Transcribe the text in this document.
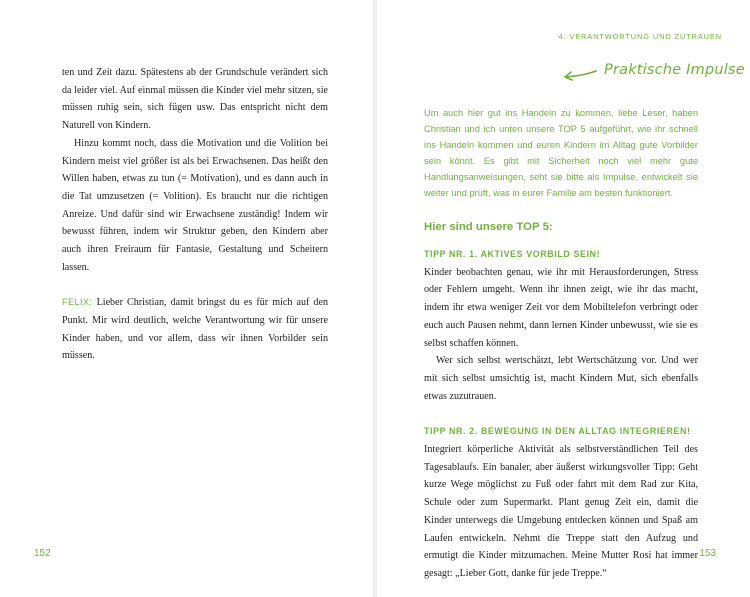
ten und Zeit dazu. Spätestens ab der Grundschule verändert sich da leider viel. Auf einmal müssen die Kinder viel mehr sitzen, sie müssen ruhig sein, sich fügen usw. Das entspricht nicht dem Naturell von Kindern.

Hinzu kommt noch, dass die Motivation und die Volition bei Kindern meist viel größer ist als bei Erwachsenen. Das heißt den Willen haben, etwas zu tun (= Motivation), und es dann auch in die Tat umzusetzen (= Volition). Es braucht nur die richtigen Anreize. Und dafür sind wir Erwachsene zuständig! Indem wir bewusst führen, indem wir Struktur geben, den Kindern aber auch ihren Freiraum für Fantasie, Gestaltung und Scheitern lassen.

FELIX: Lieber Christian, damit bringst du es für mich auf den Punkt. Mir wird deutlich, welche Verantwortung wir für unsere Kinder haben, und vor allem, dass wir ihnen Vorbilder sein müssen.

152
4. VERANTWORTUNG UND ZUTRAUEN
Praktische Impulse

Um auch hier gut ins Handeln zu kommen, liebe Leser, haben Christian und ich unten unsere TOP 5 aufgeführt, wie ihr schnell ins Handeln kommen und euren Kindern im Alltag gute Vorbilder sein könnt. Es gibt mit Sicherheit noch viel mehr gute Handlungsanweisungen, seht sie bitte als Impulse, entwickelt sie weiter und prüft, was in eurer Familie am besten funktioniert.

Hier sind unsere TOP 5:

TIPP NR. 1. AKTIVES VORBILD SEIN!

Kinder beobachten genau, wie ihr mit Herausforderungen, Stress oder Fehlern umgeht. Wenn ihr ihnen zeigt, wie ihr das macht, indem ihr etwa weniger Zeit vor dem Mobiltelefon verbringt oder euch auch Pausen nehmt, dann lernen Kinder unbewusst, wie sie es selbst schaffen können.

Wer sich selbst wertschätzt, lebt Wertschätzung vor. Und wer mit sich selbst umsichtig ist, macht Kindern Mut, sich ebenfalls etwas zuzutrauen.

TIPP NR. 2. BEWEGUNG IN DEN ALLTAG INTEGRIEREN!

Integriert körperliche Aktivität als selbstverständlichen Teil des Tagesablaufs. Ein banaler, aber äußerst wirkungsvoller Tipp: Geht kurze Wege möglichst zu Fuß oder fahrt mit dem Rad zur Kita, Schule oder zum Supermarkt. Plant genug Zeit ein, damit die Kinder unterwegs die Umgebung entdecken können und Spaß am Laufen entwickeln. Nehmt die Treppe statt den Aufzug und ermutigt die Kinder mitzumachen. Meine Mutter Rosi hat immer gesagt: „Lieber Gott, danke für jede Treppe.“

153
